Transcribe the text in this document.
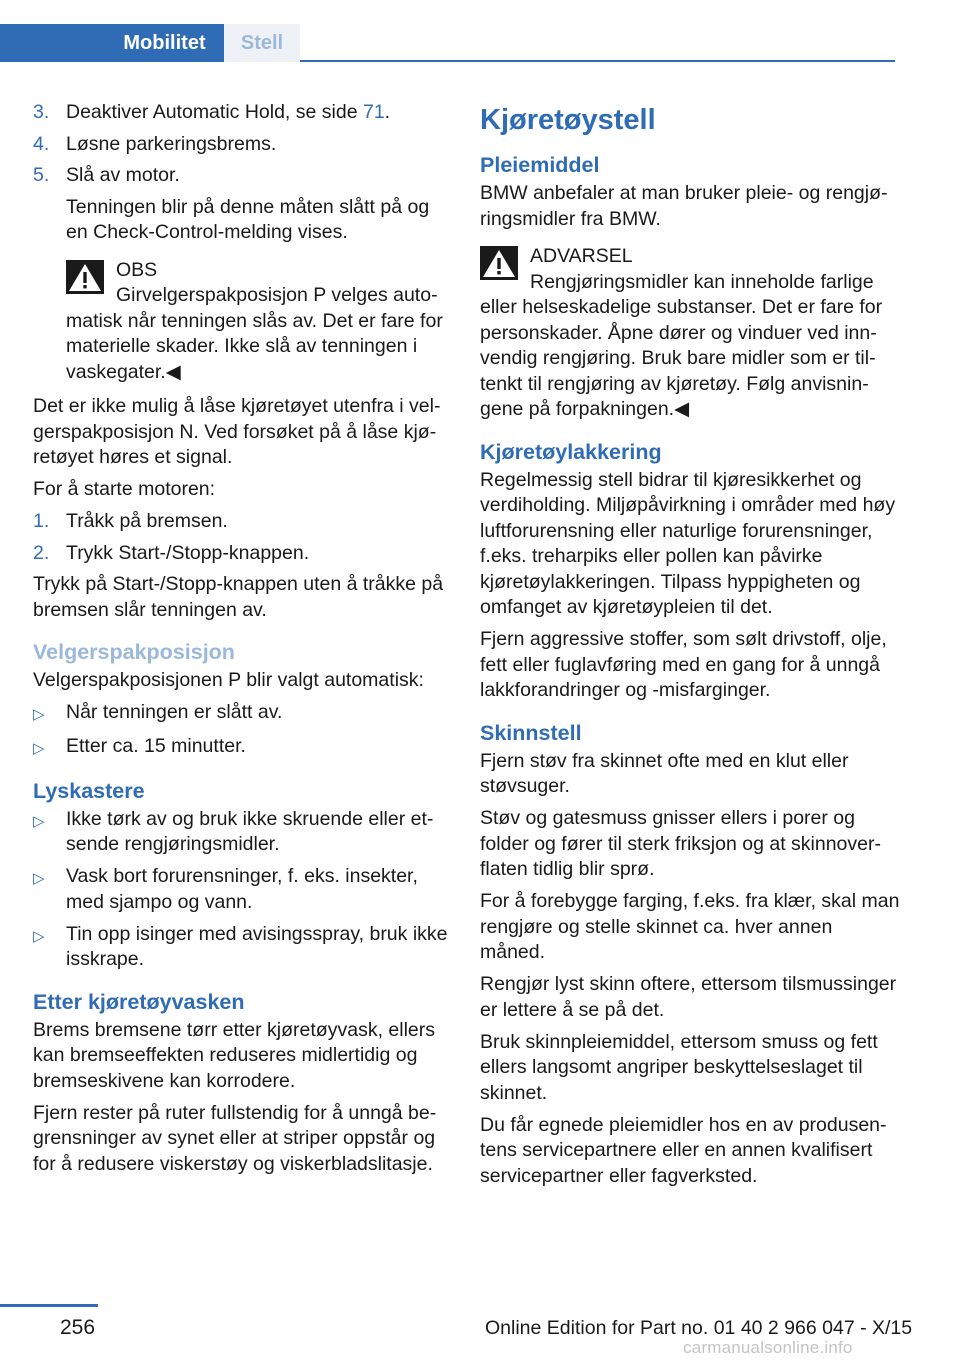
Mobilitet	Stell
3. Deaktiver Automatic Hold, se side 71.
4. Løsne parkeringsbrems.
5. Slå av motor.
Tenningen blir på denne måten slått på og en Check-Control-melding vises.
OBS
Girvelgerspakposisjon P velges auto-
matisk når tenningen slås av. Det er fare for materielle skader. Ikke slå av tenningen i vaskegater.◀
Det er ikke mulig å låse kjøretøyet utenfra i velgerspakposisjon N. Ved forsøket på å låse kjøretøyet høres et signal.
For å starte motoren:
1. Tråkk på bremsen.
2. Trykk Start-/Stopp-knappen.
Trykk på Start-/Stopp-knappen uten å tråkke på bremsen slår tenningen av.
Velgerspakposisjon
Velgerspakposisjonen P blir valgt automatisk:
▷	Når tenningen er slått av.
▷	Etter ca. 15 minutter.
Lyskastere
▷	Ikke tørk av og bruk ikke skruende eller etsende rengjøringsmidler.
▷	Vask bort forurensninger, f. eks. insekter, med sjampo og vann.
▷	Tin opp isinger med avisingsspray, bruk ikke isskrape.
Etter kjøretøyvasken
Brems bremsene tørr etter kjøretøyvask, ellers kan bremseeffekten reduseres midlertidig og bremseskivene kan korrodere.
Fjern rester på ruter fullstendig for å unngå begrensninger av synet eller at striper oppstår og for å redusere viskerstøy og viskerbladslitasje.
Kjøretøystell
Pleiemiddel
BMW anbefaler at man bruker pleie- og rengjøringsmidler fra BMW.
ADVARSEL
Rengjøringsmidler kan inneholde farlige
eller helseskadelige substanser. Det er fare for personskader. Åpne dører og vinduer ved innvendig rengjøring. Bruk bare midler som er tiltenkt til rengjøring av kjøretøy. Følg anvisningene på forpakningen.◀
Kjøretøylakkering
Regelmessig stell bidrar til kjøresikkerhet og verdiholding. Miljøpåvirkning i områder med høy luftforurensning eller naturlige forurensninger, f.eks. treharpiks eller pollen kan påvirke kjøretøylakkeringen. Tilpass hyppigheten og omfanget av kjøretøypleien til det.
Fjern aggressive stoffer, som sølt drivstoff, olje, fett eller fuglavføring med en gang for å unngå lakkforandringer og -misfarginger.
Skinnstell
Fjern støv fra skinnet ofte med en klut eller støvsuger.
Støv og gatesmuss gnisser ellers i porer og folder og fører til sterk friksjon og at skinnoverflaten tidlig blir sprø.
For å forebygge farging, f.eks. fra klær, skal man rengjøre og stelle skinnet ca. hver annen måned.
Rengjør lyst skinn oftere, ettersom tilsmussinger er lettere å se på det.
Bruk skinnpleiemiddel, ettersom smuss og fett ellers langsomt angriper beskyttelseslaget til skinnet.
Du får egnede pleiemidler hos en av produsentens servicepartnere eller en annen kvalifisert servicepartner eller fagverksted.
256	Online Edition for Part no. 01 40 2 966 047 - X/15
carmanualsonline.info
